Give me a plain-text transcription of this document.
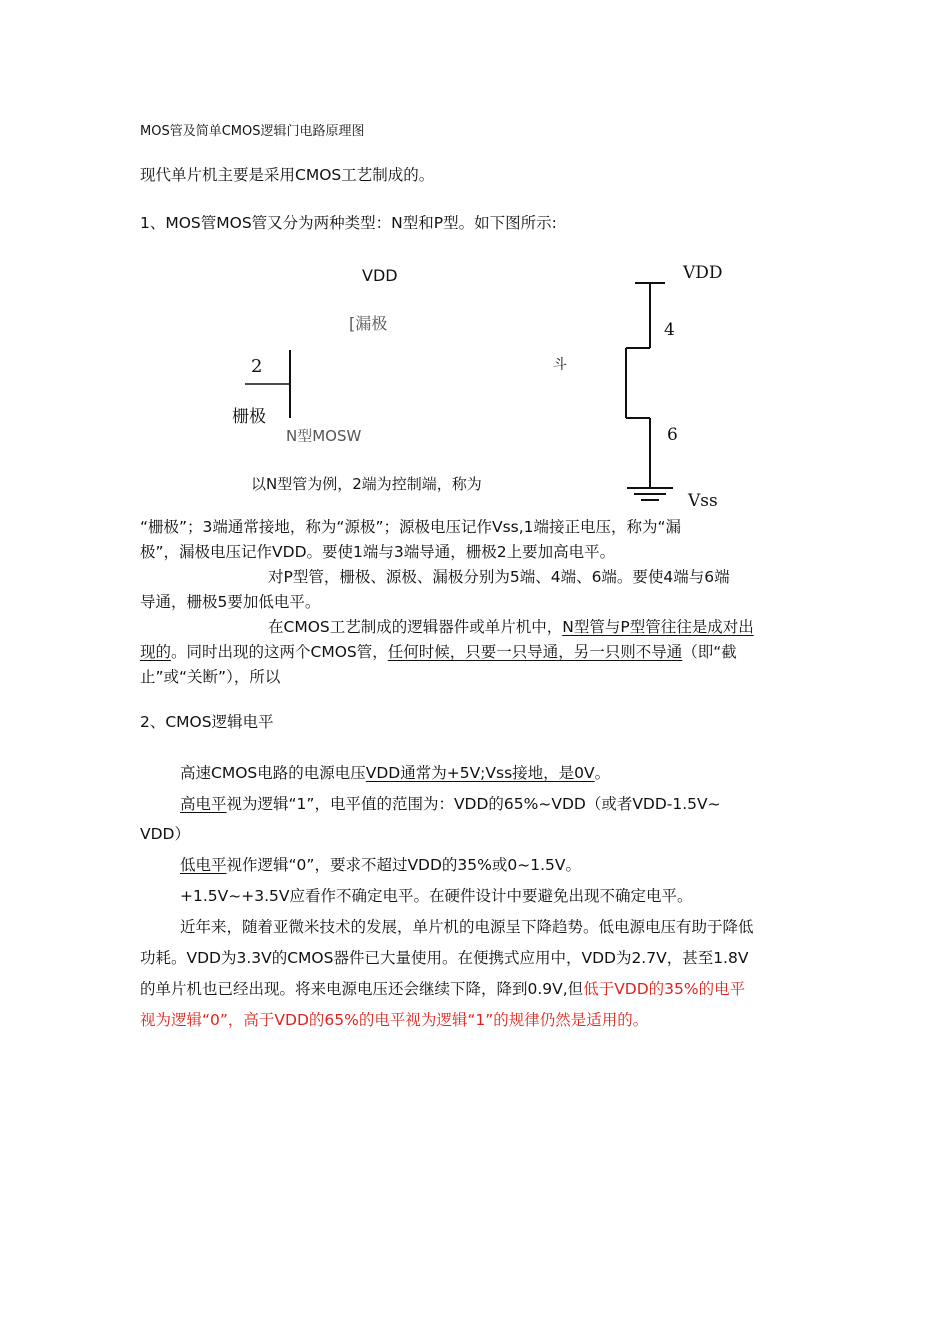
MOS管及简单CMOS逻辑门电路原理图
现代单片机主要是采用CMOS工艺制成的。
1、MOS管MOS管又分为两种类型：N型和P型。如下图所示:
VDD
[漏极
2
栅极
N型MOSW
斗
VDD
4
6
Vss
以N型管为例，2端为控制端，称为
“栅极”；3端通常接地，称为“源极”；源极电压记作Vss,1端接正电压，称为“漏
极”，漏极电压记作VDD。要使1端与3端导通，栅极2上要加高电平。
对P型管，栅极、源极、漏极分别为5端、4端、6端。要使4端与6端
导通，栅极5要加低电平。
在CMOS工艺制成的逻辑器件或单片机中，N型管与P型管往往是成对出
现的。同时出现的这两个CMOS管，任何时候，只要一只导通，另一只则不导通（即“截
止”或“关断”），所以
2、CMOS逻辑电平
高速CMOS电路的电源电压VDD通常为+5V;Vss接地，是0V。
高电平视为逻辑“1”，电平值的范围为：VDD的65%~VDD（或者VDD-1.5V~
VDD）
低电平视作逻辑“0”，要求不超过VDD的35%或0~1.5V。
+1.5V~+3.5V应看作不确定电平。在硬件设计中要避免出现不确定电平。
近年来，随着亚微米技术的发展，单片机的电源呈下降趋势。低电源电压有助于降低
功耗。VDD为3.3V的CMOS器件已大量使用。在便携式应用中，VDD为2.7V，甚至1.8V
的单片机也已经出现。将来电源电压还会继续下降，降到0.9V,但低于VDD的35%的电平
视为逻辑“0”，高于VDD的65%的电平视为逻辑“1”的规律仍然是适用的。
